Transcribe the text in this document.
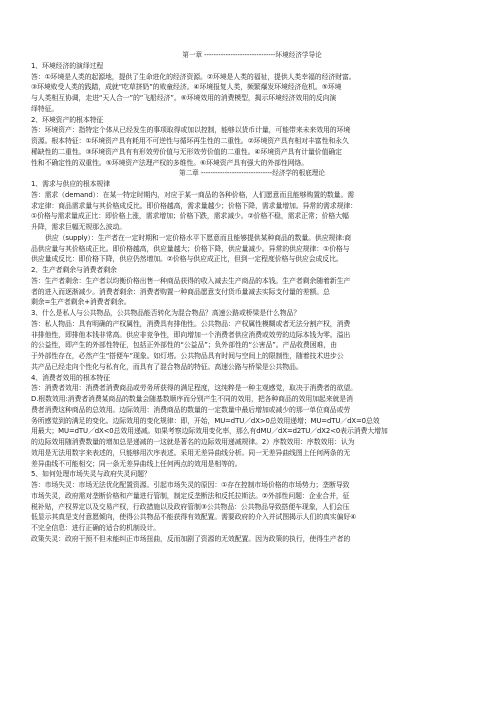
第一章 ------------------------------环境经济学导论
1、环境经济的演绎过程
答：①环境是人类的起源地，提供了生命进化的经济资源。②环境是人类的福祉，提供人类幸福的经济财富。
③环境败受人类的践踏，成就“吃草挤奶”的败童经济。④环境报复人类，频繁爆发环境经济危机。⑤环境
与人类相互协调，走进“天人合一”的“飞船经济”。⑥环境效用的消费模型，揭示环境经济效用的反向演
绎特征。
2、环境资产的根本特征
答：环境资产：指特定个体从已经发生的事项取得或加以控制，能够以货币计量，可能带来未来效用的环境
资源。根本特征：①环境资产具有耗用不可逆性与循环再生性的二重性。②环境资产具有相对丰富性和永久
稀缺性的二重性。③环境资产具有有形效劳价值与无形效劳价值的二重性。④环境资产具有计量价值确定
性和不确定性的双重性。⑤环境资产法理产权的多维性。⑥环境资产具有强大的外部性网络。
第二章 ------------------------------经济学的根底理论
1、需求与供应的根本规律
答：需求（demand）：在某一特定时期内，对应于某一商品的各种价格，人们愿意而且能够购置的数量。需
求定律：商品需求量与其价格成反比。即价格越高，需求量越少；价格下降，需求量增加。异常的需求规律：
①价格与需求量成正比：即价格上涨，需求增加；价格下跌，需求减少。②价格不稳，需求正常；价格大幅
升降，需求巨幅无规那么波动。
供应（supply）：生产者在一定时期和一定价格水平下愿意而且能够提供某种商品的数量。供应规律:商
品供应量与其价格成正比。即价格越高，供应量越大；价格下降，供应量减少。异常的供应规律：①价格与
供应量成反比：即价格下降，供应仍然增加。②价格与供应成正比，但到一定程度价格与供应会成反比。
2、生产者剩余与消费者剩余
答：生产者剩余：生产者以均衡价格出售一种商品获得的收入减去生产商品的本钱。生产者剩余随着新生产
者的进入而逐渐减少。消费者剩余：消费者购置一种商品愿意支付货币量减去实际支付量的差额。总
剩余=生产者剩余+消费者剩余。
3、什么是私人与公共物品，公共物品能否转化为混合物品？高速公路或桥梁是什么物品？
答：私人物品：具有明确的产权属性，消费具有排他性。公共物品：产权属性模糊或者无法分割产权，消费
非排他性，即排他本钱非常高。供应非竞争性，即向增加一个消费者供应消费或效劳的边际本钱为零。溢出
的公益性，即产生的外部性特征，包括正外部性的“公益品”；负外部性的“公害品”。产品收费困难，由
于外部性存在，必然产生“搭便车”现象。如灯塔。公共物品具有时间与空间上的限制性，随着技术进步公
共产品已经走向个性化与私有化，而具有了混合物品的特征。高速公路与桥梁是公共物品。
4、消费者效用的根本特征
答：消费者效用：消费者消费商品或劳务所获得的满足程度，这纯粹是一种主观感觉，取决于消费者的欲望。
D.根数效用:消费者消费某商品的数量会随基数顺序而分别产生不同的效用，把各种商品的效用加起来就是消
费者消费这种商品的总效用。边际效用：消费商品的数量的一定数量中最后增加或减少的那一单位商品或劳
务所感觉到的满足的变化。边际效用的变化规律：即，开始，MU=dTU／dX>0总效用递增；MU=dTU／dX=0总效
用最大；MU=dTU／dX<0总效用递减。如果考察边际效用变化率，那么有dMU／dX=d2TU／dX2<0表示消费大增加
的边际效用随消费数量的增加总是递减的一这就是著名的边际效用递减规律。2）序数效用：序数效用：认为
效用是无法用数字来表述的，只能够用次序表述。采用无差异曲线分析。同一无差异曲线图上任何两条的无
差异曲线不可能相交；同一条无差异曲线上任何两点的效用是相等的。
5、如何处理市场失灵与政府失灵问题？
答：市场失灵：市场无法优化配置资源。引起市场失灵的原因：①存在控制市场价格的市场势力；垄断导致
市场失灵，政府需对垄断价格和产量进行管制，制定反垄断法和反托拉斯法。②外部性问题：企业合并，征
税补贴，产权界定以及交易产权，行政措施以及政府管制③公共物品：公共物品导致搭便车现象，人们会压
低显示其真是支付意愿倾向，使得公共物品不能获得有效配置。需要政府的介入并试图揭示人们的真实偏好④
不完全信息：进行正确的适合的机制设计。
政策失灵：政府干预不但未能纠正市场扭曲，反而加剧了资源的无效配置。因为政策的执行，使得生产者的
